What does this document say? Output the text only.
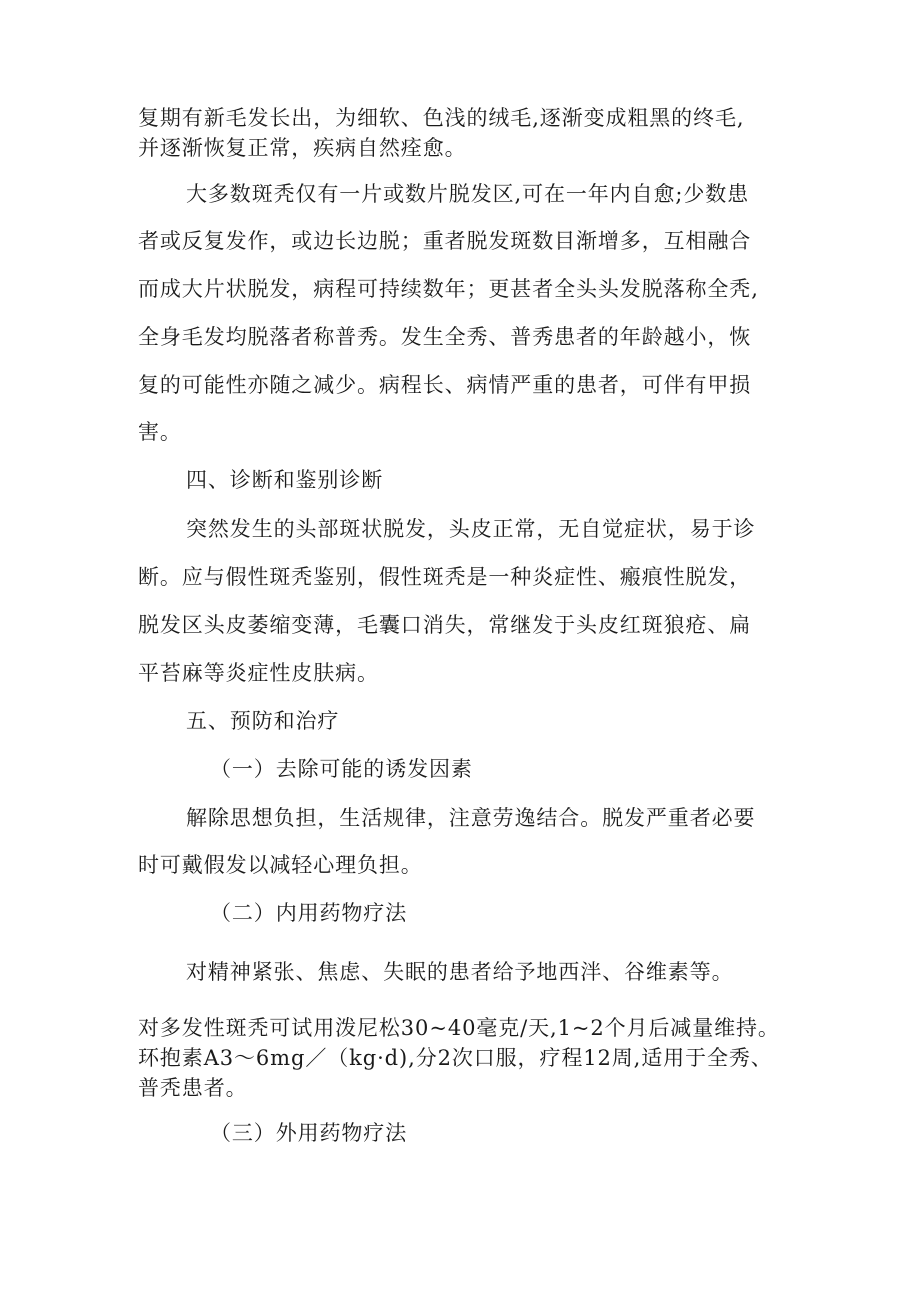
复期有新毛发长出，为细软、色浅的绒毛,逐渐变成粗黑的终毛,
并逐渐恢复正常，疾病自然痊愈。
大多数斑秃仅有一片或数片脱发区,可在一年内自愈;少数患
者或反复发作，或边长边脱；重者脱发斑数目渐增多，互相融合
而成大片状脱发，病程可持续数年；更甚者全头头发脱落称全秃,
全身毛发均脱落者称普秀。发生全秀、普秀患者的年龄越小，恢
复的可能性亦随之减少。病程长、病情严重的患者，可伴有甲损
害。
四、诊断和鉴别诊断
突然发生的头部斑状脱发，头皮正常，无自觉症状，易于诊
断。应与假性斑秃鉴别，假性斑秃是一种炎症性、瘢痕性脱发，
脱发区头皮萎缩变薄，毛囊口消失，常继发于头皮红斑狼疮、扁
平苔麻等炎症性皮肤病。
五、预防和治疗
（一）去除可能的诱发因素
解除思想负担，生活规律，注意劳逸结合。脱发严重者必要
时可戴假发以减轻心理负担。
（二）内用药物疗法
对精神紧张、焦虑、失眠的患者给予地西泮、谷维素等。
对多发性斑秃可试用泼尼松30~40毫克/天,1~2个月后减量维持。
环抱素A3～6mg／（kg·d),分2次口服，疗程12周,适用于全秀、
普秃患者。
（三）外用药物疗法
